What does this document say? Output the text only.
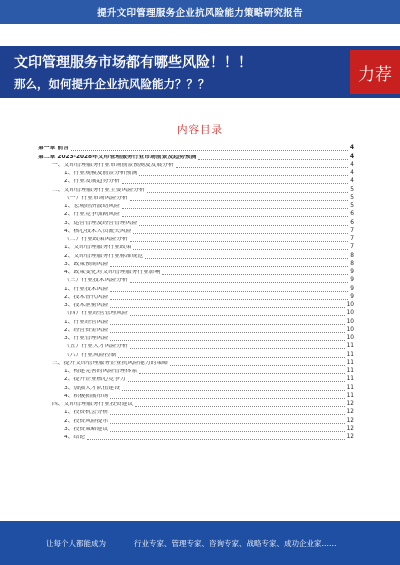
提升文印管理服务企业抗风险能力策略研究报告
文印管理服务市场都有哪些风险！！！
那么，如何提升企业抗风险能力？？？	力荐
内容目录
第一章 前言	4
第二章 2023-2028年文印管理服务行业市场前景及趋势预测	4
一、文印管理服务行业市场前景预测及发展分析	4
1、行业规模及前景分析预测	4
2、行业发展趋势分析	4
二、文印管理服务行业主要风险分析	5
（一）行业市场风险分析	5
1、宏观经济波动风险	5
2、行业竞争加剧风险	6
3、运营管理及经营管理风险	6
4、核心技术人员流失风险	7
（二）行业政策风险分析	7
1、文印管理服务行业政策	7
2、文印管理服务行业标准规范	8
3、政策预期风险	8
4、政策变化对文印管理服务行业影响	9
（三）行业技术风险分析	9
1、行业技术风险	9
2、技术替代风险	9
3、技术泄密风险	10
（四）行业经营管理风险	10
1、行业经营风险	10
2、经营资金风险	10
3、行业管理风险	10
（五）行业人才风险分析	11
（六）行业风险控制	11
三、提升文印管理服务企业抗风险能力的策略	11
1、构建完善的风险管理体系	11
2、提升企业核心竞争力	11
3、加强人才队伍建设	11
4、积极拓展市场	11
四、文印管理服务行业投资建议	12
1、投资机会分析	12
2、投资风险提示	12
3、投资策略建议	12
4、结论	12
让每个人都能成为	行业专家、管理专家、咨询专家、战略专家、成功企业家……
